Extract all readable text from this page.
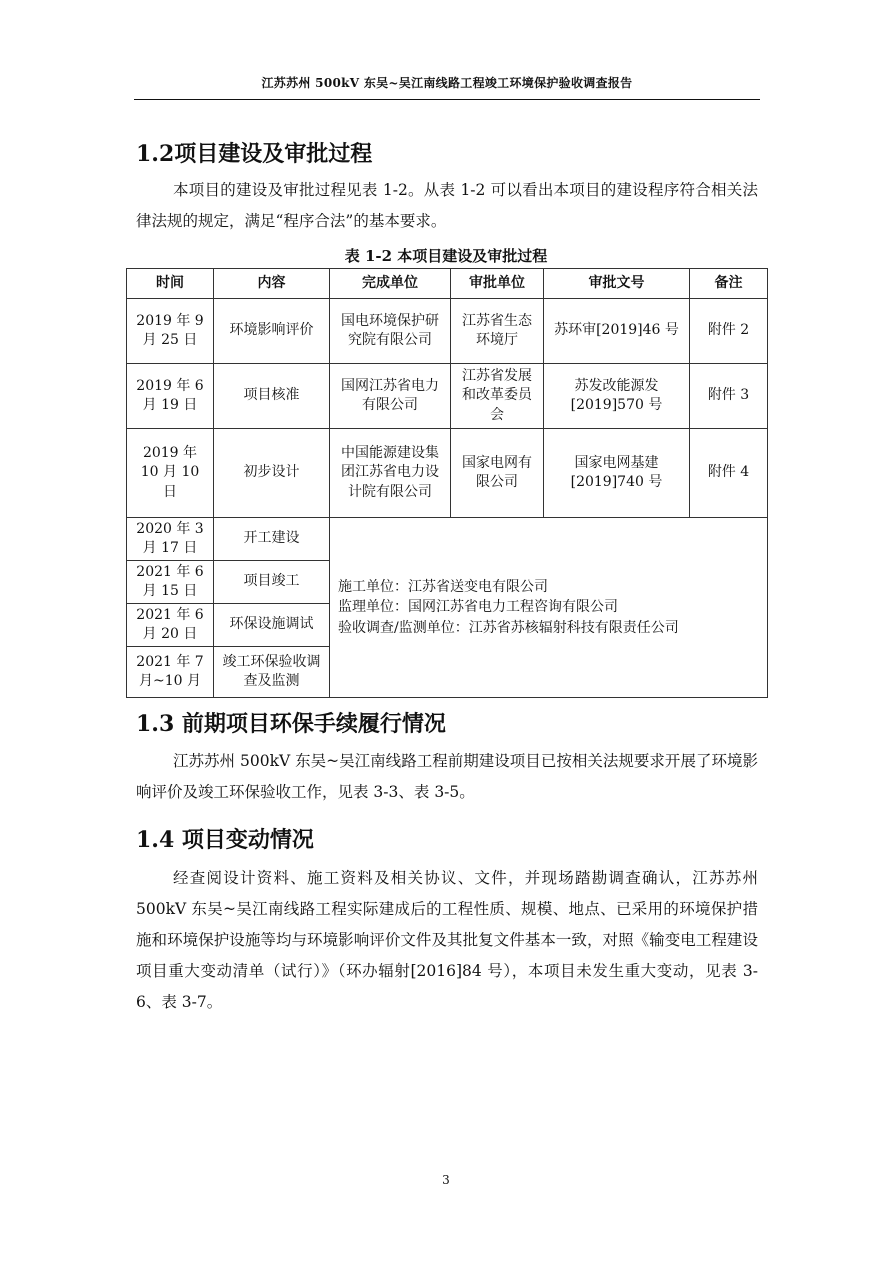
江苏苏州 500kV 东吴~吴江南线路工程竣工环境保护验收调查报告
1.2项目建设及审批过程

本项目的建设及审批过程见表 1-2。从表 1-2 可以看出本项目的建设程序符合相关法律法规的规定，满足“程序合法”的基本要求。

表 1-2 本项目建设及审批过程
时间	内容	完成单位	审批单位	审批文号	备注
2019 年 9 月 25 日	环境影响评价	国电环境保护研究院有限公司	江苏省生态环境厅	苏环审[2019]46 号	附件 2
2019 年 6 月 19 日	项目核准	国网江苏省电力有限公司	江苏省发展和改革委员会	苏发改能源发[2019]570 号	附件 3
2019 年 10 月 10 日	初步设计	中国能源建设集团江苏省电力设计院有限公司	国家电网有限公司	国家电网基建[2019]740 号	附件 4
2020 年 3 月 17 日	开工建设	施工单位：江苏省送变电有限公司
监理单位：国网江苏省电力工程咨询有限公司
验收调查/监测单位：江苏省苏核辐射科技有限责任公司			

2021 年 6 月 15 日	项目竣工				
2021 年 6 月 20 日	环保设施调试				
2021 年 7 月~10 月	竣工环保验收调查及监测				
1.3 前期项目环保手续履行情况

江苏苏州 500kV 东吴~吴江南线路工程前期建设项目已按相关法规要求开展了环境影响评价及竣工环保验收工作，见表 3-3、表 3-5。

1.4 项目变动情况

经查阅设计资料、施工资料及相关协议、文件，并现场踏勘调查确认，江苏苏州 500kV 东吴~吴江南线路工程实际建成后的工程性质、规模、地点、已采用的环境保护措施和环境保护设施等均与环境影响评价文件及其批复文件基本一致，对照《输变电工程建设项目重大变动清单（试行）》（环办辐射[2016]84 号），本项目未发生重大变动，见表 3-6、表 3-7。

3
